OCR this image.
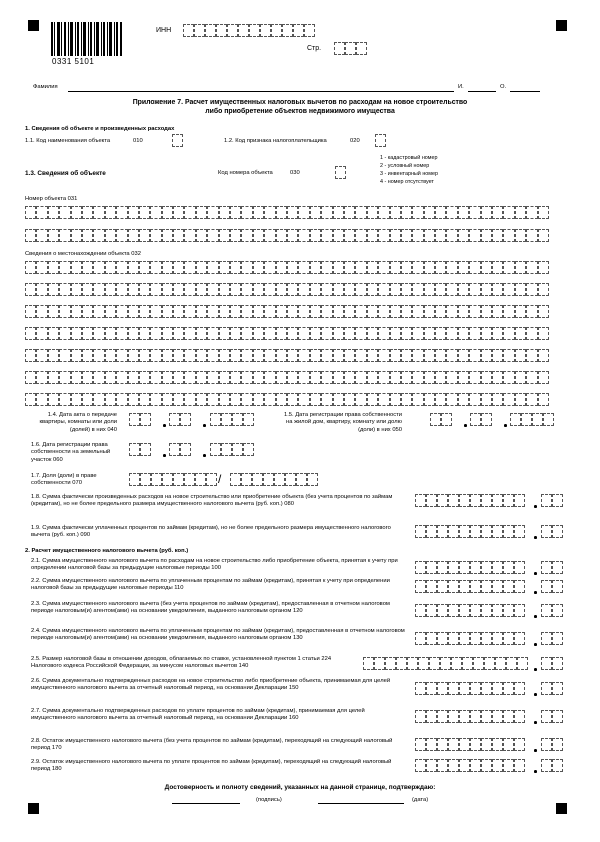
0331 5101
ИНН
Стр.
Фамилия	И.	О.
Приложение 7. Расчет имущественных налоговых вычетов по расходам на новое строительство
либо приобретение объектов недвижимого имущества
1. Сведения об объекте и произведенных расходах
1.1. Код наименования объекта	010	1.2. Код признака налогоплательщика	020
1.3. Сведения об объекте	Код номера объекта	030
1 - кадастровый номер
2 - условный номер
3 - инвентарный номер
4 - номер отсутствует
Номер объекта 031
Сведения о местонахождении объекта 032
1.4. Дата акта о передаче квартиры, комнаты или доли (долей) в них 040
1.5. Дата регистрации права собственности на жилой дом, квартиру, комнату или долю (доли) в них 050
1.6. Дата регистрации права собственности на земельный участок 060
1.7. Доля (доли) в праве собственности 070	/
1.8. Сумма фактически произведенных расходов на новое строительство или приобретение объекта (без учета процентов по займам (кредитам), но не более предельного размера имущественного налогового вычета (руб. коп.) 080
1.9. Сумма фактически уплаченных процентов по займам (кредитам), но не более предельного размера имущественного налогового вычета (руб. коп.) 090
2. Расчет имущественного налогового вычета (руб. коп.)
2.1. Сумма имущественного налогового вычета по расходам на новое строительство либо приобретение объекта, принятая к учету при определении налоговой базы за предыдущие налоговые периоды 100
2.2. Сумма имущественного налогового вычета по уплаченным процентам по займам (кредитам), принятая к учету при определении налоговой базы за предыдущие налоговые периоды 110
2.3. Сумма имущественного налогового вычета (без учета процентов по займам (кредитам), предоставленная в отчетном налоговом периоде налоговым(и) агентом(ами) на основании уведомления, выданного налоговым органом 120
2.4. Сумма имущественного налогового вычета по уплаченным процентам по займам (кредитам), предоставленная в отчетном налоговом периоде налоговым(и) агентом(ами) на основании уведомления, выданного налоговым органом 130
2.5. Размер налоговой базы в отношении доходов, облагаемых по ставке, установленной пунктом 1 статьи 224 Налогового кодекса Российской Федерации, за минусом налоговых вычетов 140
2.6. Сумма документально подтвержденных расходов на новое строительство либо приобретение объекта, принимаемая для целей имущественного налогового вычета за отчетный налоговый период, на основании Декларации 150
2.7. Сумма документально подтвержденных расходов по уплате процентов по займам (кредитам), принимаемая для целей имущественного налогового вычета за отчетный налоговый период, на основании Декларации 160
2.8. Остаток имущественного налогового вычета (без учета процентов по займам (кредитам), переходящий на следующий налоговый период 170
2.9. Остаток имущественного налогового вычета по уплате процентов по займам (кредитам), переходящий на следующий налоговый период 180
Достоверность и полноту сведений, указанных на данной странице, подтверждаю:
(подпись)	(дата)
